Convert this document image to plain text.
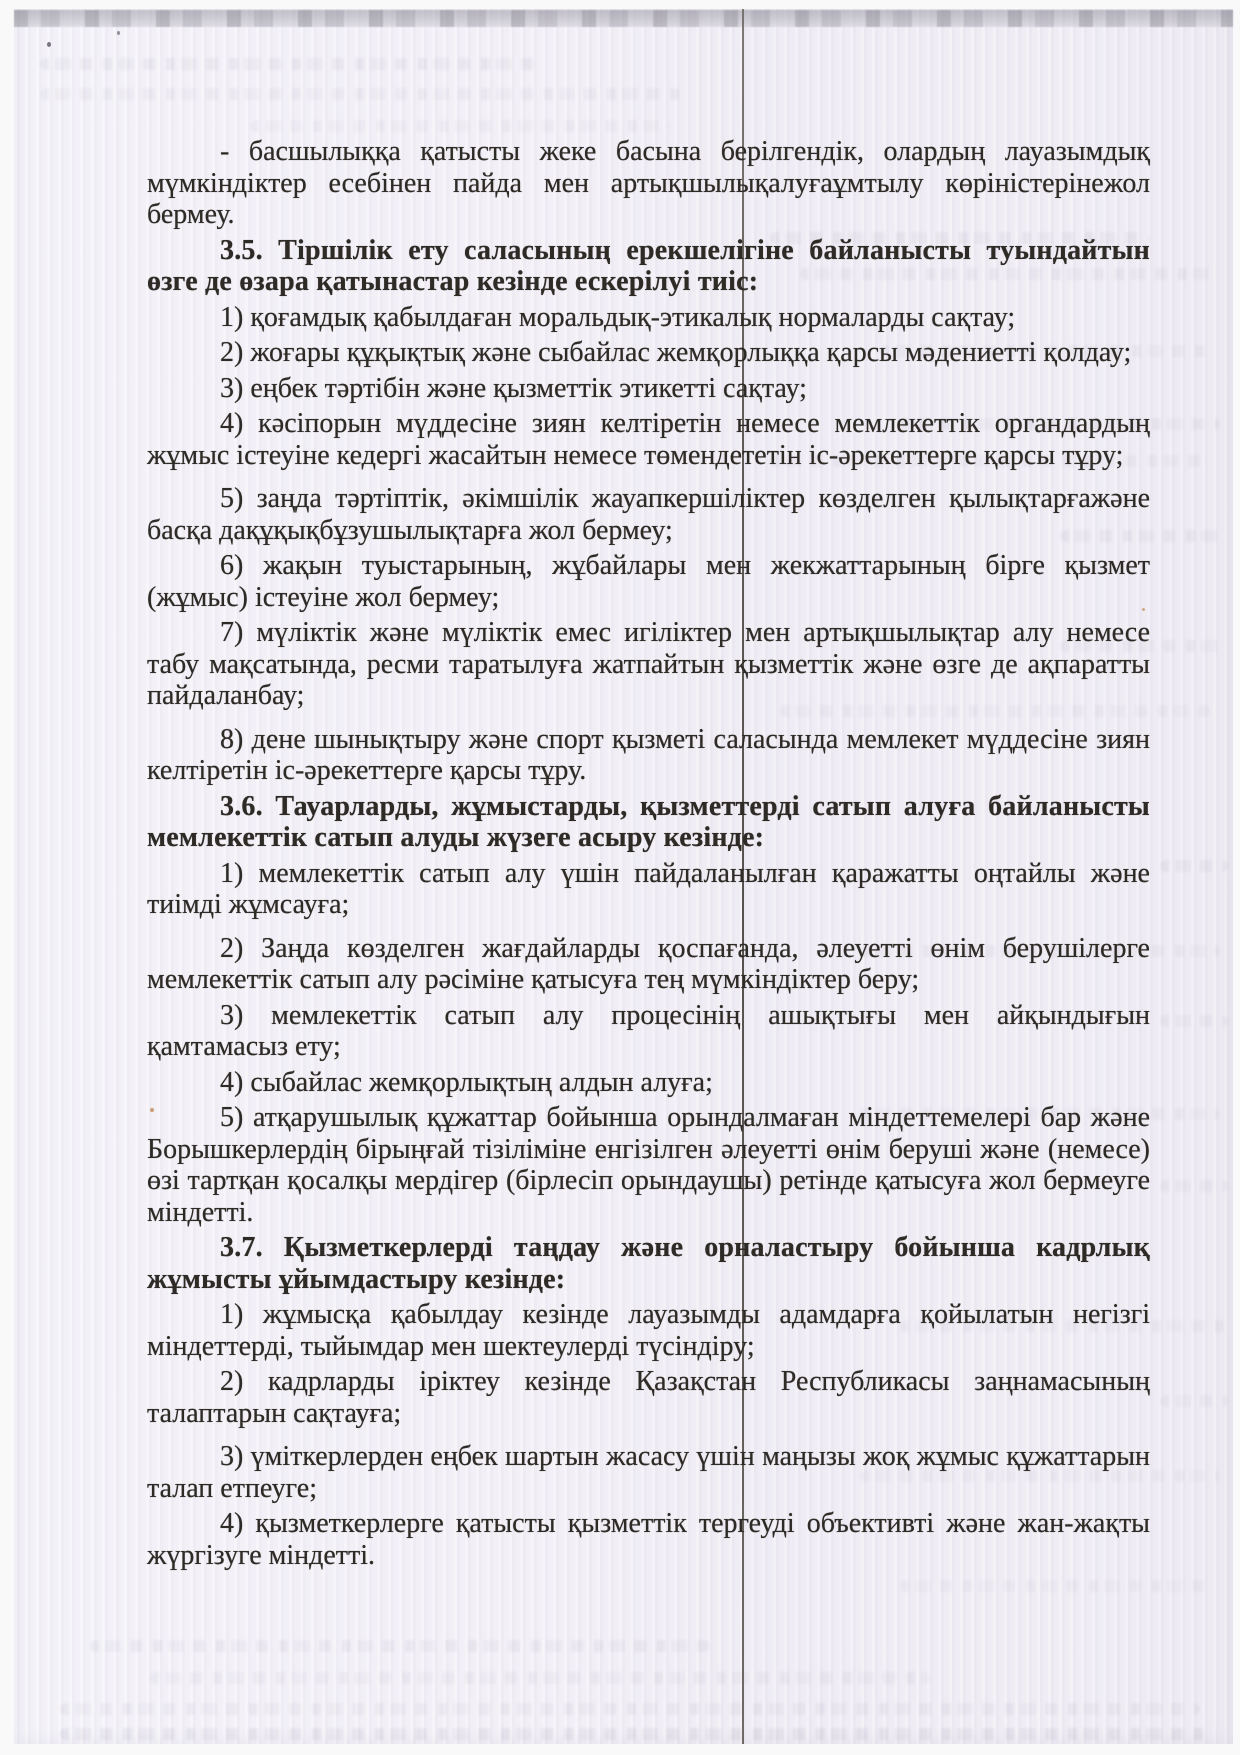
- басшылыққа қатысты жеке басына берілгендік, олардың лауазымдық мүмкіндіктер есебінен пайда мен артықшылықалуғаұмтылу көріністерінежол бермеу.

3.5. Тіршілік ету саласының ерекшелігіне байланысты туындайтын өзге де өзара қатынастар кезінде ескерілуі тиіс:

1) қоғамдық қабылдаған моральдық-этикалық нормаларды сақтау;

2) жоғары құқықтық және сыбайлас жемқорлыққа қарсы мәдениетті қолдау;

3) еңбек тәртібін және қызметтік этикетті сақтау;

4) кәсіпорын мүддесіне зиян келтіретін немесе мемлекеттік органдардың жұмыс істеуіне кедергі жасайтын немесе төмендететін іс-әрекеттерге қарсы тұру;

5) заңда тәртіптік, әкімшілік жауапкершіліктер көзделген қылықтарғажәне басқа дақұқықбұзушылықтарға жол бермеу;

6) жақын туыстарының, жұбайлары мен жекжаттарының бірге қызмет (жұмыс) істеуіне жол бермеу;

7) мүліктік және мүліктік емес игіліктер мен артықшылықтар алу немесе табу мақсатында, ресми таратылуға жатпайтын қызметтік және өзге де ақпаратты пайдаланбау;

8) дене шынықтыру және спорт қызметі саласында мемлекет мүддесіне зиян келтіретін іс-әрекеттерге қарсы тұру.

3.6. Тауарларды, жұмыстарды, қызметтерді сатып алуға байланысты мемлекеттік сатып алуды жүзеге асыру кезінде:

1) мемлекеттік сатып алу үшін пайдаланылған қаражатты оңтайлы және тиімді жұмсауға;

2) Заңда көзделген жағдайларды қоспағанда, әлеуетті өнім берушілерге мемлекеттік сатып алу рәсіміне қатысуға тең мүмкіндіктер беру;

3) мемлекеттік сатып алу процесінің ашықтығы мен айқындығын қамтамасыз ету;

4) сыбайлас жемқорлықтың алдын алуға;

5) атқарушылық құжаттар бойынша орындалмаған міндеттемелері бар және Борышкерлердің бірыңғай тізіліміне енгізілген әлеуетті өнім беруші және (немесе) өзі тартқан қосалқы мердігер (бірлесіп орындаушы) ретінде қатысуға жол бермеуге міндетті.

3.7. Қызметкерлерді таңдау және орналастыру бойынша кадрлық жұмысты ұйымдастыру кезінде:

1) жұмысқа қабылдау кезінде лауазымды адамдарға қойылатын негізгі міндеттерді, тыйымдар мен шектеулерді түсіндіру;

2) кадрларды іріктеу кезінде Қазақстан Республикасы заңнамасының талаптарын сақтауға;

3) үміткерлерден еңбек шартын жасасу үшін маңызы жоқ жұмыс құжаттарын талап етпеуге;

4) қызметкерлерге қатысты қызметтік тергеуді объективті және жан-жақты жүргізуге міндетті.
